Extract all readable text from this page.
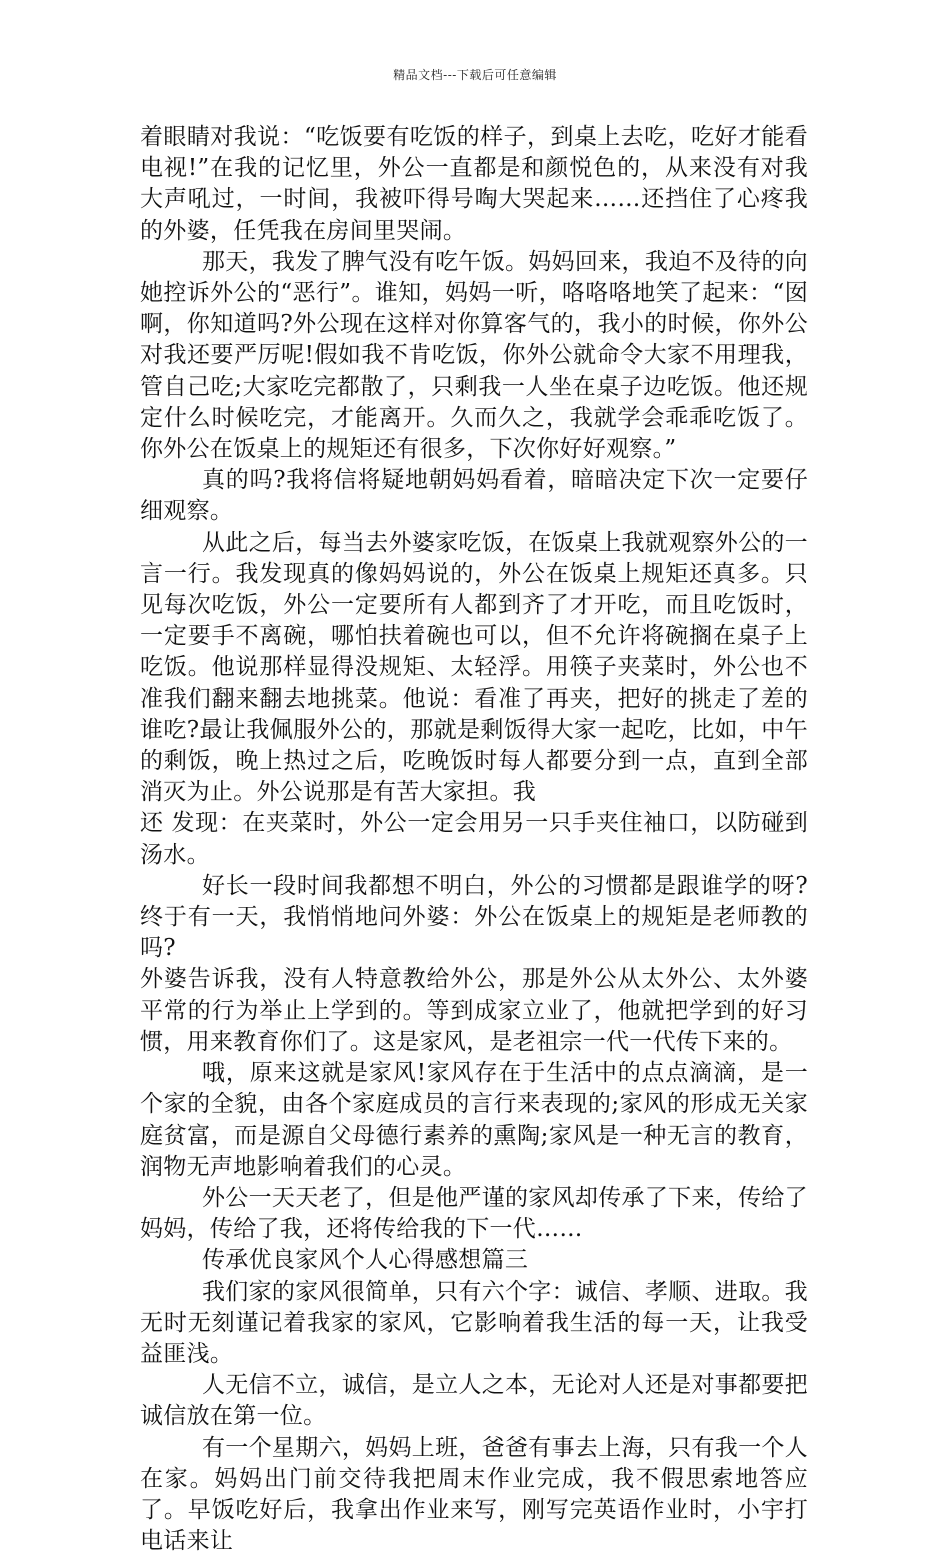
精品文档---下载后可任意编辑

着眼睛对我说：“吃饭要有吃饭的样子，到桌上去吃，吃好才能看电视!”在我的记忆里，外公一直都是和颜悦色的，从来没有对我大声吼过，一时间，我被吓得号啕大哭起来……还挡住了心疼我的外婆，任凭我在房间里哭闹。

那天，我发了脾气没有吃午饭。妈妈回来，我迫不及待的向她控诉外公的“恶行”。谁知，妈妈一听，咯咯咯地笑了起来：“囡啊，你知道吗?外公现在这样对你算客气的，我小的时候，你外公对我还要严厉呢!假如我不肯吃饭，你外公就命令大家不用理我，管自己吃;大家吃完都散了，只剩我一人坐在桌子边吃饭。他还规定什么时候吃完，才能离开。久而久之，我就学会乖乖吃饭了。你外公在饭桌上的规矩还有很多，下次你好好观察。”

真的吗?我将信将疑地朝妈妈看着，暗暗决定下次一定要仔细观察。

从此之后，每当去外婆家吃饭，在饭桌上我就观察外公的一言一行。我发现真的像妈妈说的，外公在饭桌上规矩还真多。只见每次吃饭，外公一定要所有人都到齐了才开吃，而且吃饭时，一定要手不离碗，哪怕扶着碗也可以，但不允许将碗搁在桌子上吃饭。他说那样显得没规矩、太轻浮。用筷子夹菜时，外公也不准我们翻来翻去地挑菜。他说：看准了再夹，把好的挑走了差的谁吃?最让我佩服外公的，那就是剩饭得大家一起吃，比如，中午的剩饭，晚上热过之后，吃晚饭时每人都要分到一点，直到全部消灭为止。外公说那是有苦大家担。我

还 发现：在夹菜时，外公一定会用另一只手夹住袖口，以防碰到汤水。

好长一段时间我都想不明白，外公的习惯都是跟谁学的呀?终于有一天，我悄悄地问外婆：外公在饭桌上的规矩是老师教的吗?

外婆告诉我，没有人特意教给外公，那是外公从太外公、太外婆平常的行为举止上学到的。等到成家立业了，他就把学到的好习惯，用来教育你们了。这是家风，是老祖宗一代一代传下来的。

哦，原来这就是家风!家风存在于生活中的点点滴滴，是一个家的全貌，由各个家庭成员的言行来表现的;家风的形成无关家庭贫富，而是源自父母德行素养的熏陶;家风是一种无言的教育，润物无声地影响着我们的心灵。

外公一天天老了，但是他严谨的家风却传承了下来，传给了妈妈，传给了我，还将传给我的下一代……

传承优良家风个人心得感想篇三

我们家的家风很简单，只有六个字：诚信、孝顺、进取。我无时无刻谨记着我家的家风，它影响着我生活的每一天，让我受益匪浅。

人无信不立，诚信，是立人之本，无论对人还是对事都要把诚信放在第一位。

有一个星期六，妈妈上班，爸爸有事去上海，只有我一个人在家。妈妈出门前交待我把周末作业完成，我不假思索地答应了。早饭吃好后，我拿出作业来写，刚写完英语作业时，小宇打电话来让
